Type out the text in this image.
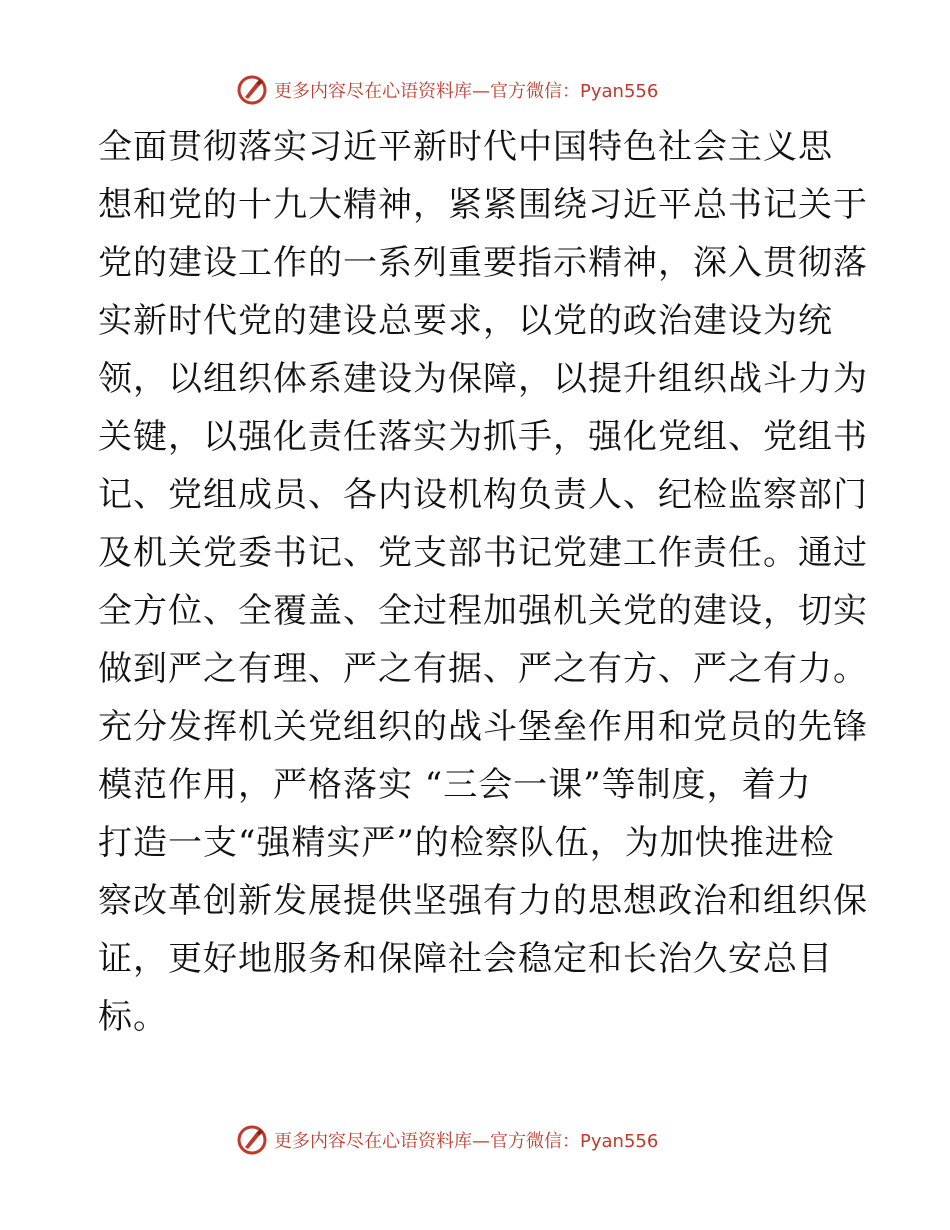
更多内容尽在心语资料库—官方微信：Pyan556
全面贯彻落实习近平新时代中国特色社会主义思
想和党的十九大精神，紧紧围绕习近平总书记关于
党的建设工作的一系列重要指示精神，深入贯彻落
实新时代党的建设总要求，以党的政治建设为统
领，以组织体系建设为保障，以提升组织战斗力为
关键，以强化责任落实为抓手，强化党组、党组书
记、党组成员、各内设机构负责人、纪检监察部门
及机关党委书记、党支部书记党建工作责任。通过
全方位、全覆盖、全过程加强机关党的建设，切实
做到严之有理、严之有据、严之有方、严之有力。
充分发挥机关党组织的战斗堡垒作用和党员的先锋
模范作用，严格落实 “三会一课”等制度，着力
打造一支“强精实严”的检察队伍，为加快推进检
察改革创新发展提供坚强有力的思想政治和组织保
证，更好地服务和保障社会稳定和长治久安总目
标。
更多内容尽在心语资料库—官方微信：Pyan556
